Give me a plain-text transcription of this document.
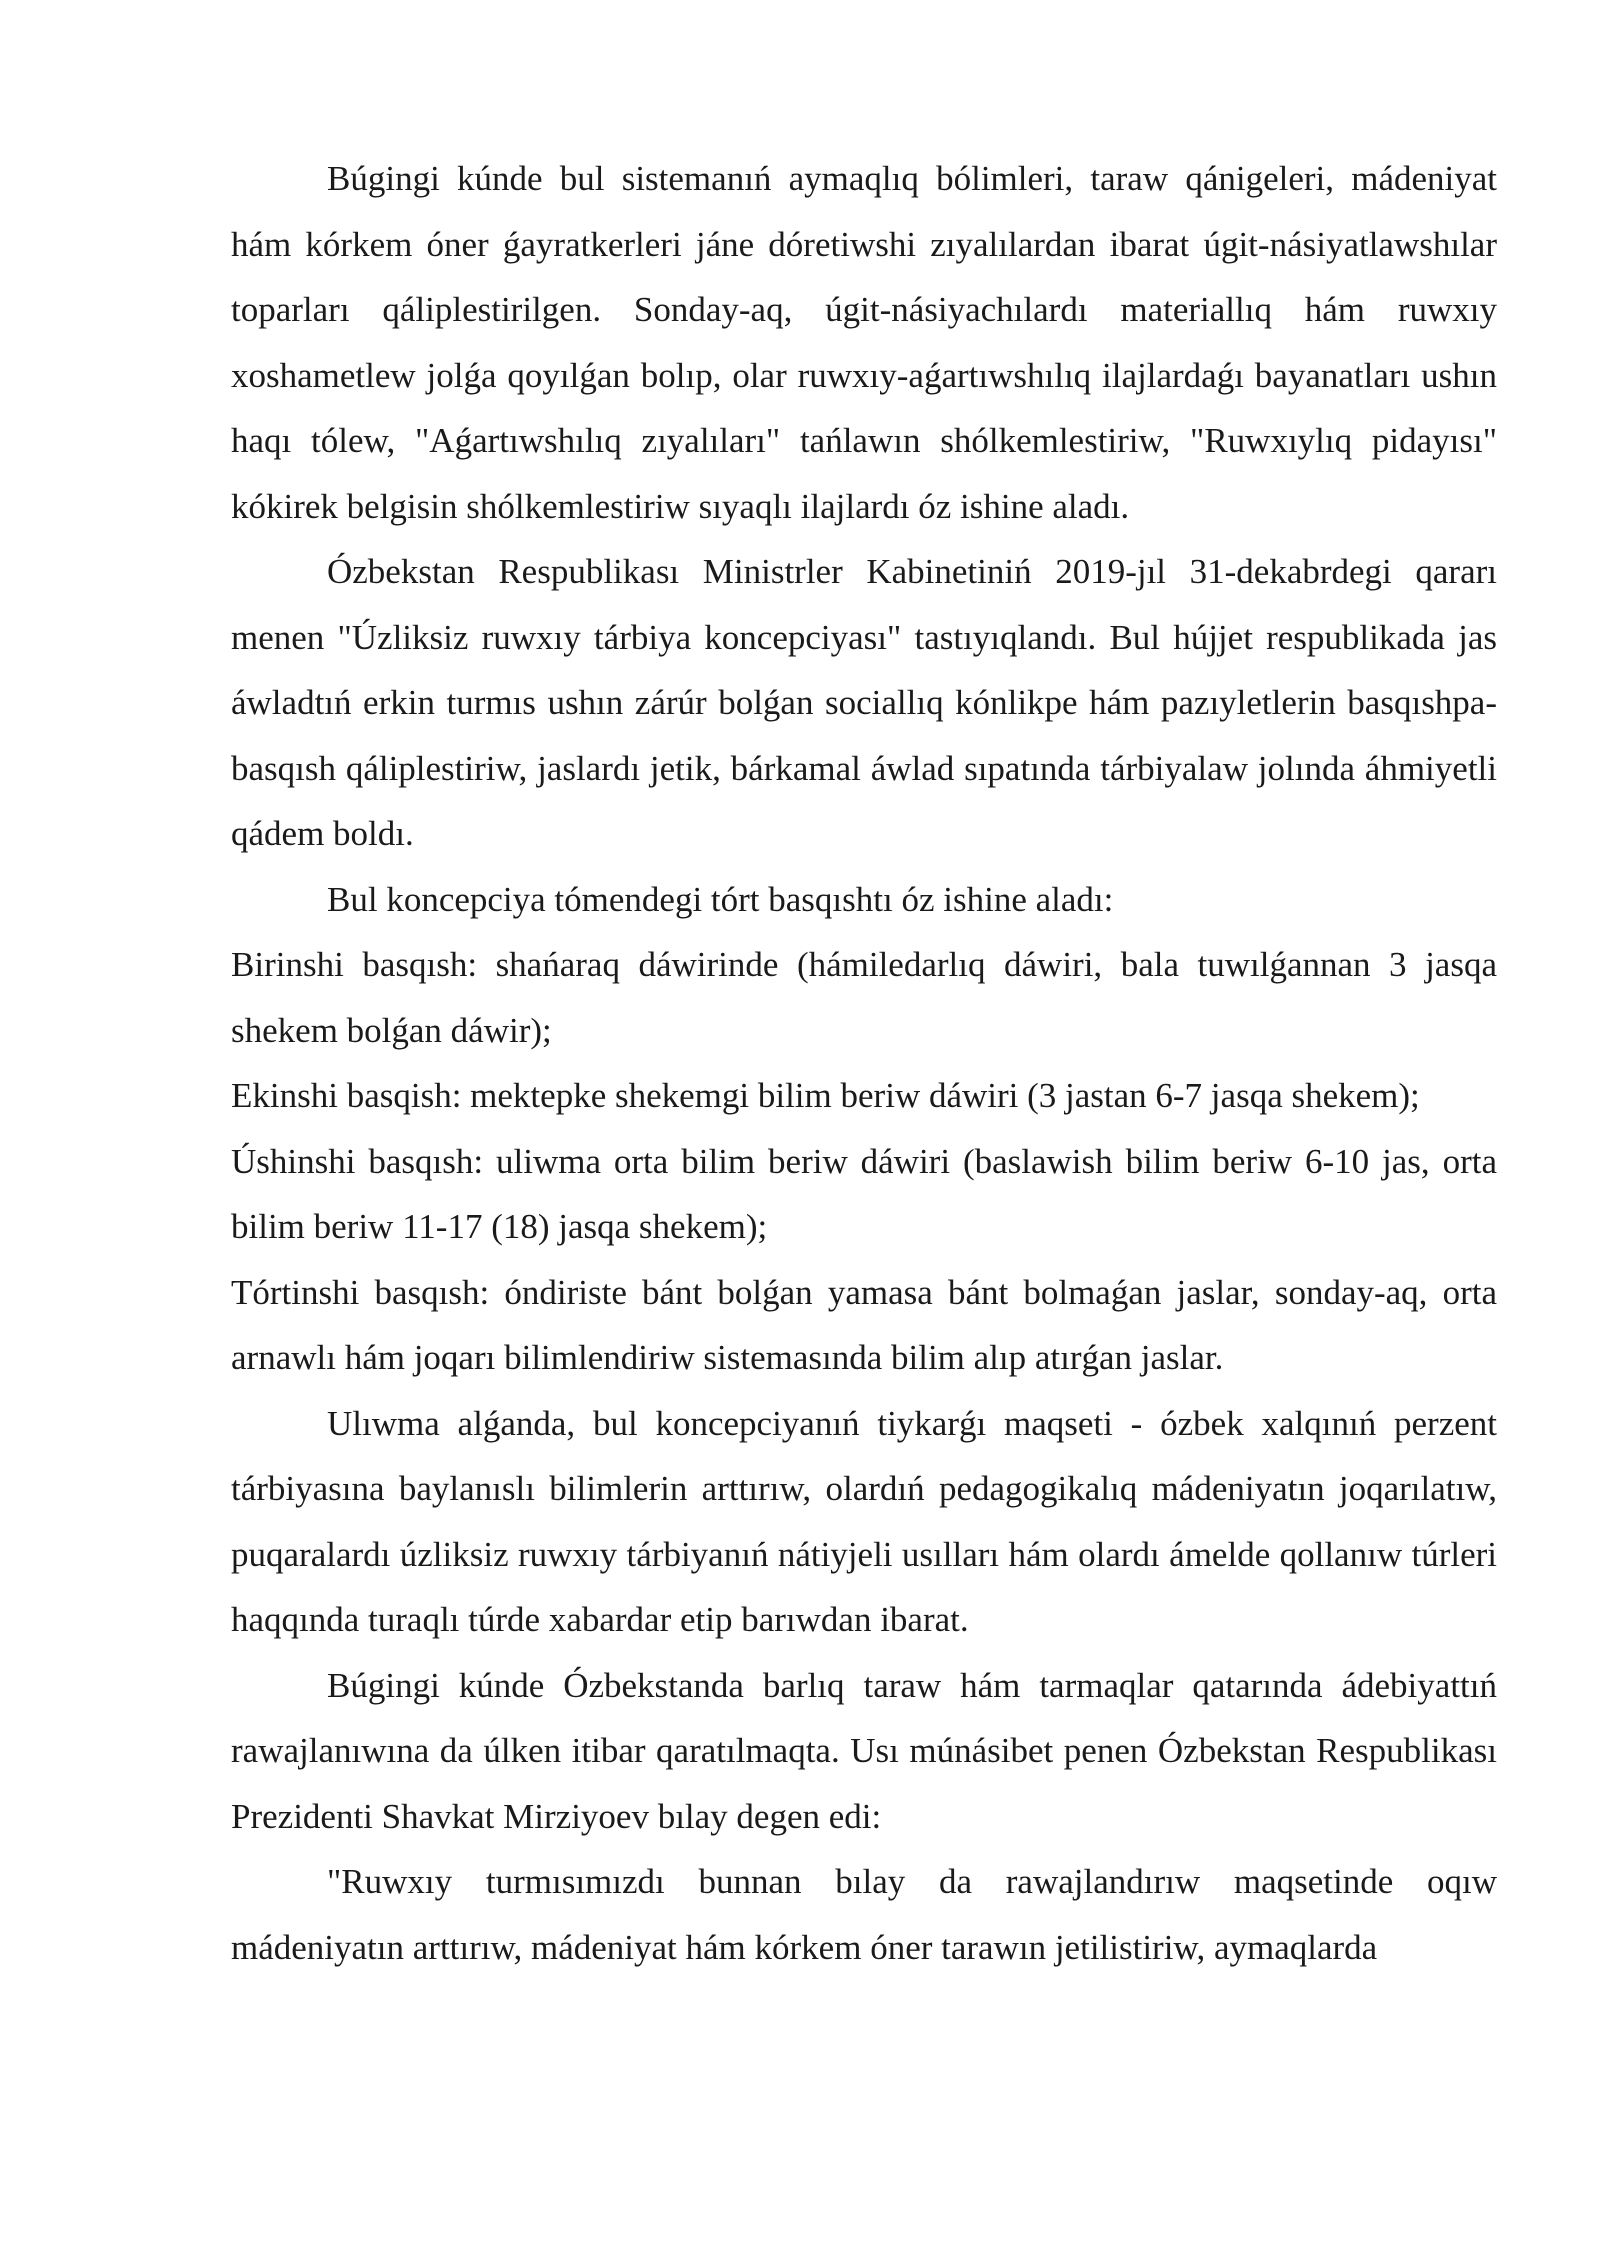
Búgingi kúnde bul sistemanıń aymaqlıq bólimleri, taraw qánigeleri, mádeniyat hám kórkem óner ǵayratkerleri jáne dóretiwshi zıyalılardan ibarat úgit-násiyatlawshılar toparları qáliplestirilgen. Sonday-aq, úgit-násiyachılardı materiallıq hám ruwxıy xoshametlew jolǵa qoyılǵan bolıp, olar ruwxıy-aǵartıwshılıq ilajlardaǵı bayanatları ushın haqı tólew, "Aǵartıwshılıq zıyalıları" tańlawın shólkemlestiriw, "Ruwxıylıq pidayısı" kókirek belgisin shólkemlestiriw sıyaqlı ilajlardı óz ishine aladı.

Ózbekstan Respublikası Ministrler Kabinetiniń 2019-jıl 31-dekabrdegi qararı menen "Úzliksiz ruwxıy tárbiya koncepciyası" tastıyıqlandı. Bul hújjet respublikada jas áwladtıń erkin turmıs ushın zárúr bolǵan sociallıq kónlikpe hám pazıyletlerin basqıshpa-basqısh qáliplestiriw, jaslardı jetik, bárkamal áwlad sıpatında tárbiyalaw jolında áhmiyetli qádem boldı.

Bul koncepciya tómendegi tórt basqıshtı óz ishine aladı:

Birinshi basqısh: shańaraq dáwirinde (hámiledarlıq dáwiri, bala tuwılǵannan 3 jasqa shekem bolǵan dáwir);

Ekinshi basqish: mektepke shekemgi bilim beriw dáwiri (3 jastan 6-7 jasqa shekem);

Úshinshi basqısh: uliwma orta bilim beriw dáwiri (baslawish bilim beriw 6-10 jas, orta bilim beriw 11-17 (18) jasqa shekem);

Tórtinshi basqısh: óndiriste bánt bolǵan yamasa bánt bolmaǵan jaslar, sonday-aq, orta arnawlı hám joqarı bilimlendiriw sistemasında bilim alıp atırǵan jaslar.

Ulıwma alǵanda, bul koncepciyanıń tiykarǵı maqseti - ózbek xalqınıń perzent tárbiyasına baylanıslı bilimlerin arttırıw, olardıń pedagogikalıq mádeniyatın joqarılatıw, puqaralardı úzliksiz ruwxıy tárbiyanıń nátiyjeli usılları hám olardı ámelde qollanıw túrleri haqqında turaqlı túrde xabardar etip barıwdan ibarat.

Búgingi kúnde Ózbekstanda barlıq taraw hám tarmaqlar qatarında ádebiyattıń rawajlanıwına da úlken itibar qaratılmaqta. Usı múnásibet penen Ózbekstan Respublikası Prezidenti Shavkat Mirziyoev bılay degen edi:

"Ruwxıy turmısımızdı bunnan bılay da rawajlandırıw maqsetinde oqıw mádeniyatın arttırıw, mádeniyat hám kórkem óner tarawın jetilistiriw, aymaqlarda
